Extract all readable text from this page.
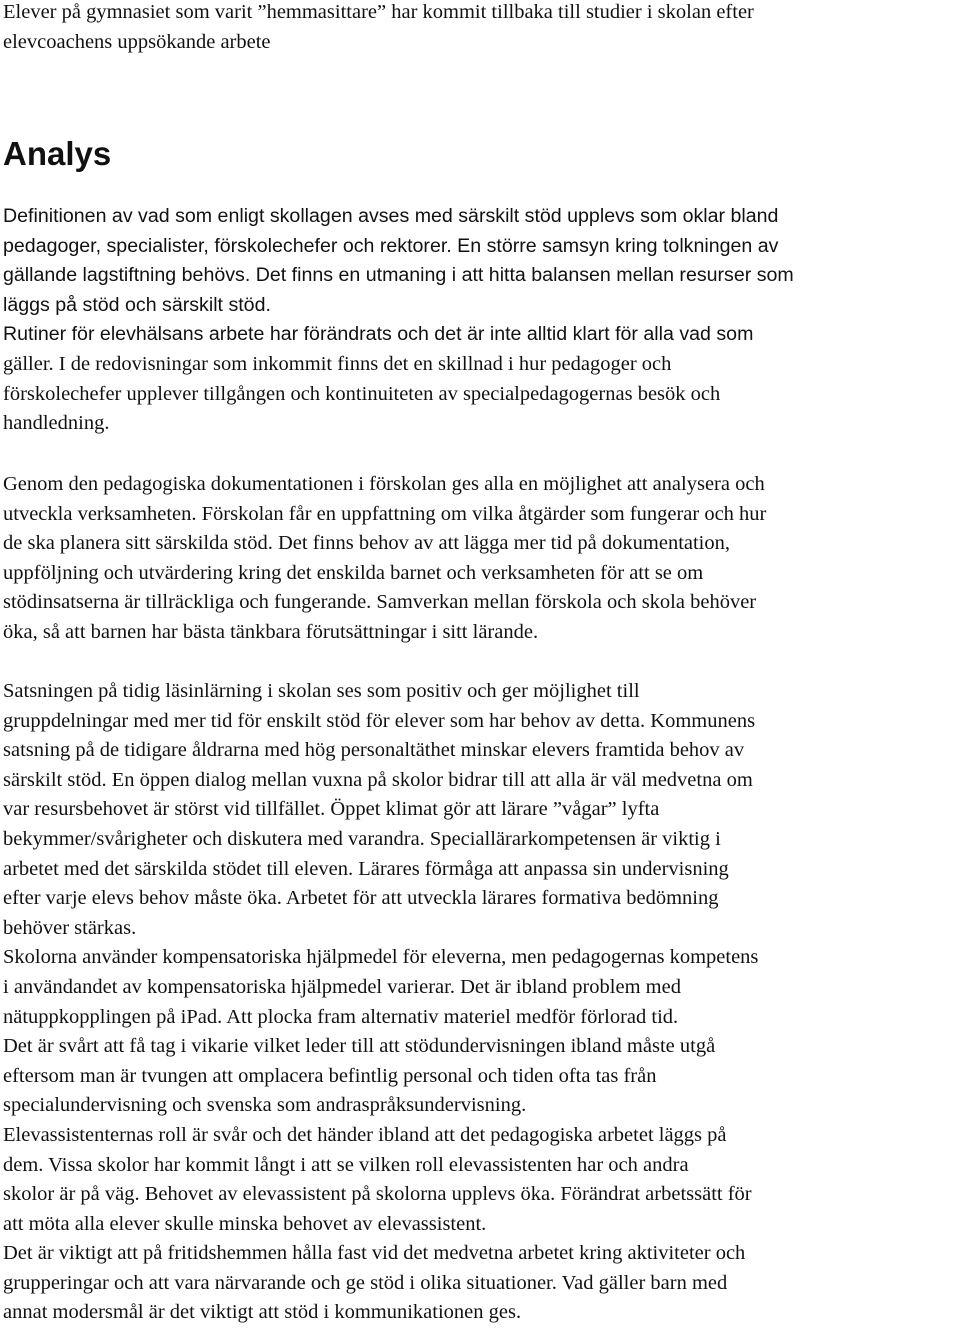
Elever på gymnasiet som varit ”hemmasittare” har kommit tillbaka till studier i skolan efter
elevcoachens uppsökande arbete
Analys
Definitionen av vad som enligt skollagen avses med särskilt stöd upplevs som oklar bland
pedagoger, specialister, förskolechefer och rektorer. En större samsyn kring tolkningen av
gällande lagstiftning behövs. Det finns en utmaning i att hitta balansen mellan resurser som
läggs på stöd och särskilt stöd.
Rutiner för elevhälsans arbete har förändrats och det är inte alltid klart för alla vad som
gäller. I de redovisningar som inkommit finns det en skillnad i hur pedagoger och
förskolechefer upplever tillgången och kontinuiteten av specialpedagogernas besök och
handledning.
Genom den pedagogiska dokumentationen i förskolan ges alla en möjlighet att analysera och
utveckla verksamheten. Förskolan får en uppfattning om vilka åtgärder som fungerar och hur
de ska planera sitt särskilda stöd. Det finns behov av att lägga mer tid på dokumentation,
uppföljning och utvärdering kring det enskilda barnet och verksamheten för att se om
stödinsatserna är tillräckliga och fungerande. Samverkan mellan förskola och skola behöver
öka, så att barnen har bästa tänkbara förutsättningar i sitt lärande.
Satsningen på tidig läsinlärning i skolan ses som positiv och ger möjlighet till
gruppdelningar med mer tid för enskilt stöd för elever som har behov av detta. Kommunens
satsning på de tidigare åldrarna med hög personaltäthet minskar elevers framtida behov av
särskilt stöd. En öppen dialog mellan vuxna på skolor bidrar till att alla är väl medvetna om
var resursbehovet är störst vid tillfället. Öppet klimat gör att lärare ”vågar” lyfta
bekymmer/svårigheter och diskutera med varandra. Speciallärarkompetensen är viktig i
arbetet med det särskilda stödet till eleven. Lärares förmåga att anpassa sin undervisning
efter varje elevs behov måste öka. Arbetet för att utveckla lärares formativa bedömning
behöver stärkas.
Skolorna använder kompensatoriska hjälpmedel för eleverna, men pedagogernas kompetens
i användandet av kompensatoriska hjälpmedel varierar. Det är ibland problem med
nätuppkopplingen på iPad. Att plocka fram alternativ materiel medför förlorad tid.
Det är svårt att få tag i vikarie vilket leder till att stödundervisningen ibland måste utgå
eftersom man är tvungen att omplacera befintlig personal och tiden ofta tas från
specialundervisning och svenska som andraspråksundervisning.
Elevassistenternas roll är svår och det händer ibland att det pedagogiska arbetet läggs på
dem. Vissa skolor har kommit långt i att se vilken roll elevassistenten har och andra
skolor är på väg. Behovet av elevassistent på skolorna upplevs öka. Förändrat arbetssätt för
att möta alla elever skulle minska behovet av elevassistent.
Det är viktigt att på fritidshemmen hålla fast vid det medvetna arbetet kring aktiviteter och
grupperingar och att vara närvarande och ge stöd i olika situationer. Vad gäller barn med
annat modersmål är det viktigt att stöd i kommunikationen ges.
